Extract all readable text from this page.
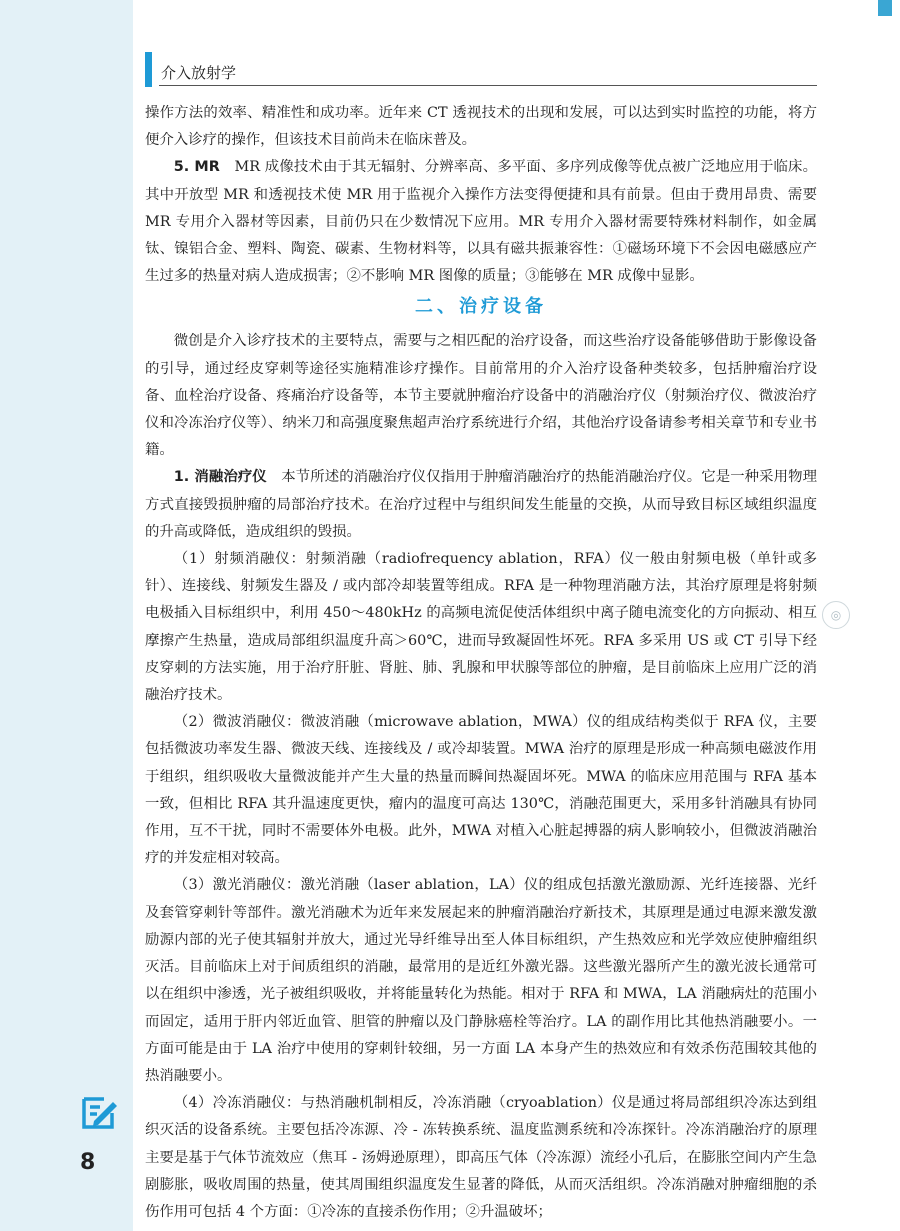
介入放射学

操作方法的效率、精准性和成功率。近年来 CT 透视技术的出现和发展，可以达到实时监控的功能，将方便介入诊疗的操作，但该技术目前尚未在临床普及。

5. MR　MR 成像技术由于其无辐射、分辨率高、多平面、多序列成像等优点被广泛地应用于临床。其中开放型 MR 和透视技术使 MR 用于监视介入操作方法变得便捷和具有前景。但由于费用昂贵、需要 MR 专用介入器材等因素，目前仍只在少数情况下应用。MR 专用介入器材需要特殊材料制作，如金属钛、镍铝合金、塑料、陶瓷、碳素、生物材料等，以具有磁共振兼容性：①磁场环境下不会因电磁感应产生过多的热量对病人造成损害；②不影响 MR 图像的质量；③能够在 MR 成像中显影。

二、治疗设备

微创是介入诊疗技术的主要特点，需要与之相匹配的治疗设备，而这些治疗设备能够借助于影像设备的引导，通过经皮穿刺等途径实施精准诊疗操作。目前常用的介入治疗设备种类较多，包括肿瘤治疗设备、血栓治疗设备、疼痛治疗设备等，本节主要就肿瘤治疗设备中的消融治疗仪（射频治疗仪、微波治疗仪和冷冻治疗仪等）、纳米刀和高强度聚焦超声治疗系统进行介绍，其他治疗设备请参考相关章节和专业书籍。

1. 消融治疗仪　本节所述的消融治疗仪仅指用于肿瘤消融治疗的热能消融治疗仪。它是一种采用物理方式直接毁损肿瘤的局部治疗技术。在治疗过程中与组织间发生能量的交换，从而导致目标区域组织温度的升高或降低，造成组织的毁损。

（1）射频消融仪：射频消融（radiofrequency ablation，RFA）仪一般由射频电极（单针或多针）、连接线、射频发生器及 / 或内部冷却装置等组成。RFA 是一种物理消融方法，其治疗原理是将射频电极插入目标组织中，利用 450～480kHz 的高频电流促使活体组织中离子随电流变化的方向振动、相互摩擦产生热量，造成局部组织温度升高＞60℃，进而导致凝固性坏死。RFA 多采用 US 或 CT 引导下经皮穿刺的方法实施，用于治疗肝脏、肾脏、肺、乳腺和甲状腺等部位的肿瘤，是目前临床上应用广泛的消融治疗技术。

（2）微波消融仪：微波消融（microwave ablation，MWA）仪的组成结构类似于 RFA 仪，主要包括微波功率发生器、微波天线、连接线及 / 或冷却装置。MWA 治疗的原理是形成一种高频电磁波作用于组织，组织吸收大量微波能并产生大量的热量而瞬间热凝固坏死。MWA 的临床应用范围与 RFA 基本一致，但相比 RFA 其升温速度更快，瘤内的温度可高达 130℃，消融范围更大，采用多针消融具有协同作用，互不干扰，同时不需要体外电极。此外，MWA 对植入心脏起搏器的病人影响较小，但微波消融治疗的并发症相对较高。

（3）激光消融仪：激光消融（laser ablation，LA）仪的组成包括激光激励源、光纤连接器、光纤及套管穿刺针等部件。激光消融术为近年来发展起来的肿瘤消融治疗新技术，其原理是通过电源来激发激励源内部的光子使其辐射并放大，通过光导纤维导出至人体目标组织，产生热效应和光学效应使肿瘤组织灭活。目前临床上对于间质组织的消融，最常用的是近红外激光器。这些激光器所产生的激光波长通常可以在组织中渗透，光子被组织吸收，并将能量转化为热能。相对于 RFA 和 MWA，LA 消融病灶的范围小而固定，适用于肝内邻近血管、胆管的肿瘤以及门静脉癌栓等治疗。LA 的副作用比其他热消融要小。一方面可能是由于 LA 治疗中使用的穿刺针较细，另一方面 LA 本身产生的热效应和有效杀伤范围较其他的热消融要小。

（4）冷冻消融仪：与热消融机制相反，冷冻消融（cryoablation）仪是通过将局部组织冷冻达到组织灭活的设备系统。主要包括冷冻源、冷 - 冻转换系统、温度监测系统和冷冻探针。冷冻消融治疗的原理主要是基于气体节流效应（焦耳 - 汤姆逊原理），即高压气体（冷冻源）流经小孔后，在膨胀空间内产生急剧膨胀，吸收周围的热量，使其周围组织温度发生显著的降低，从而灭活组织。冷冻消融对肿瘤细胞的杀伤作用可包括 4 个方面：①冷冻的直接杀伤作用；②升温破坏；

◎
8
